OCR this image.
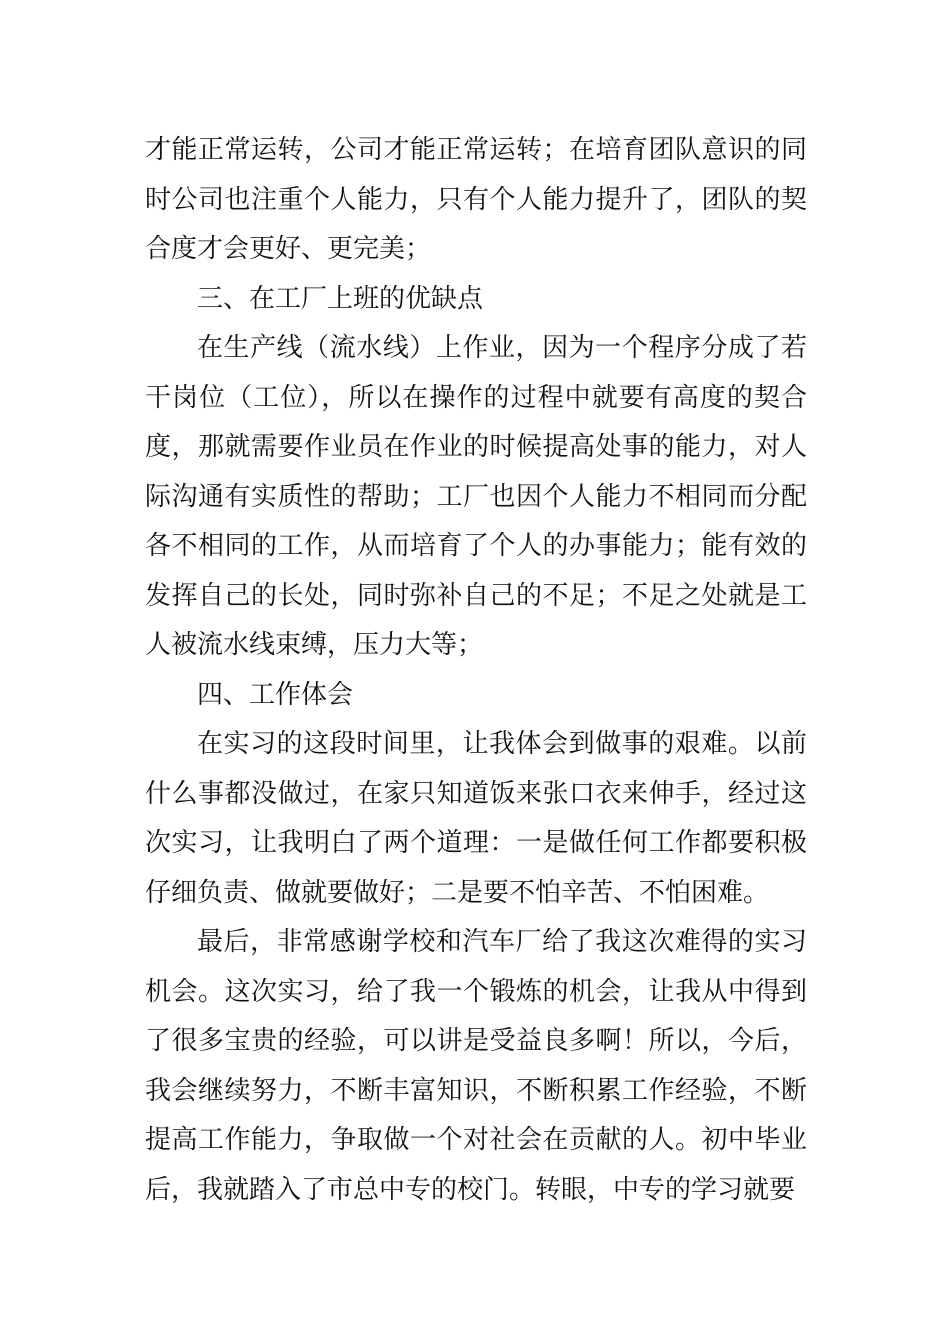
才能正常运转，公司才能正常运转；在培育团队意识的同时公司也注重个人能力，只有个人能力提升了，团队的契合度才会更好、更完美；

三、在工厂上班的优缺点

在生产线（流水线）上作业，因为一个程序分成了若干岗位（工位），所以在操作的过程中就要有高度的契合度，那就需要作业员在作业的时候提高处事的能力，对人际沟通有实质性的帮助；工厂也因个人能力不相同而分配各不相同的工作，从而培育了个人的办事能力；能有效的发挥自己的长处，同时弥补自己的不足；不足之处就是工人被流水线束缚，压力大等；

四、工作体会

在实习的这段时间里，让我体会到做事的艰难。以前什么事都没做过，在家只知道饭来张口衣来伸手，经过这次实习，让我明白了两个道理：一是做任何工作都要积极仔细负责、做就要做好；二是要不怕辛苦、不怕困难。

最后，非常感谢学校和汽车厂给了我这次难得的实习机会。这次实习，给了我一个锻炼的机会，让我从中得到了很多宝贵的经验，可以讲是受益良多啊！所以，今后，我会继续努力，不断丰富知识，不断积累工作经验，不断提高工作能力，争取做一个对社会在贡献的人。初中毕业后，我就踏入了市总中专的校门。转眼，中专的学习就要
